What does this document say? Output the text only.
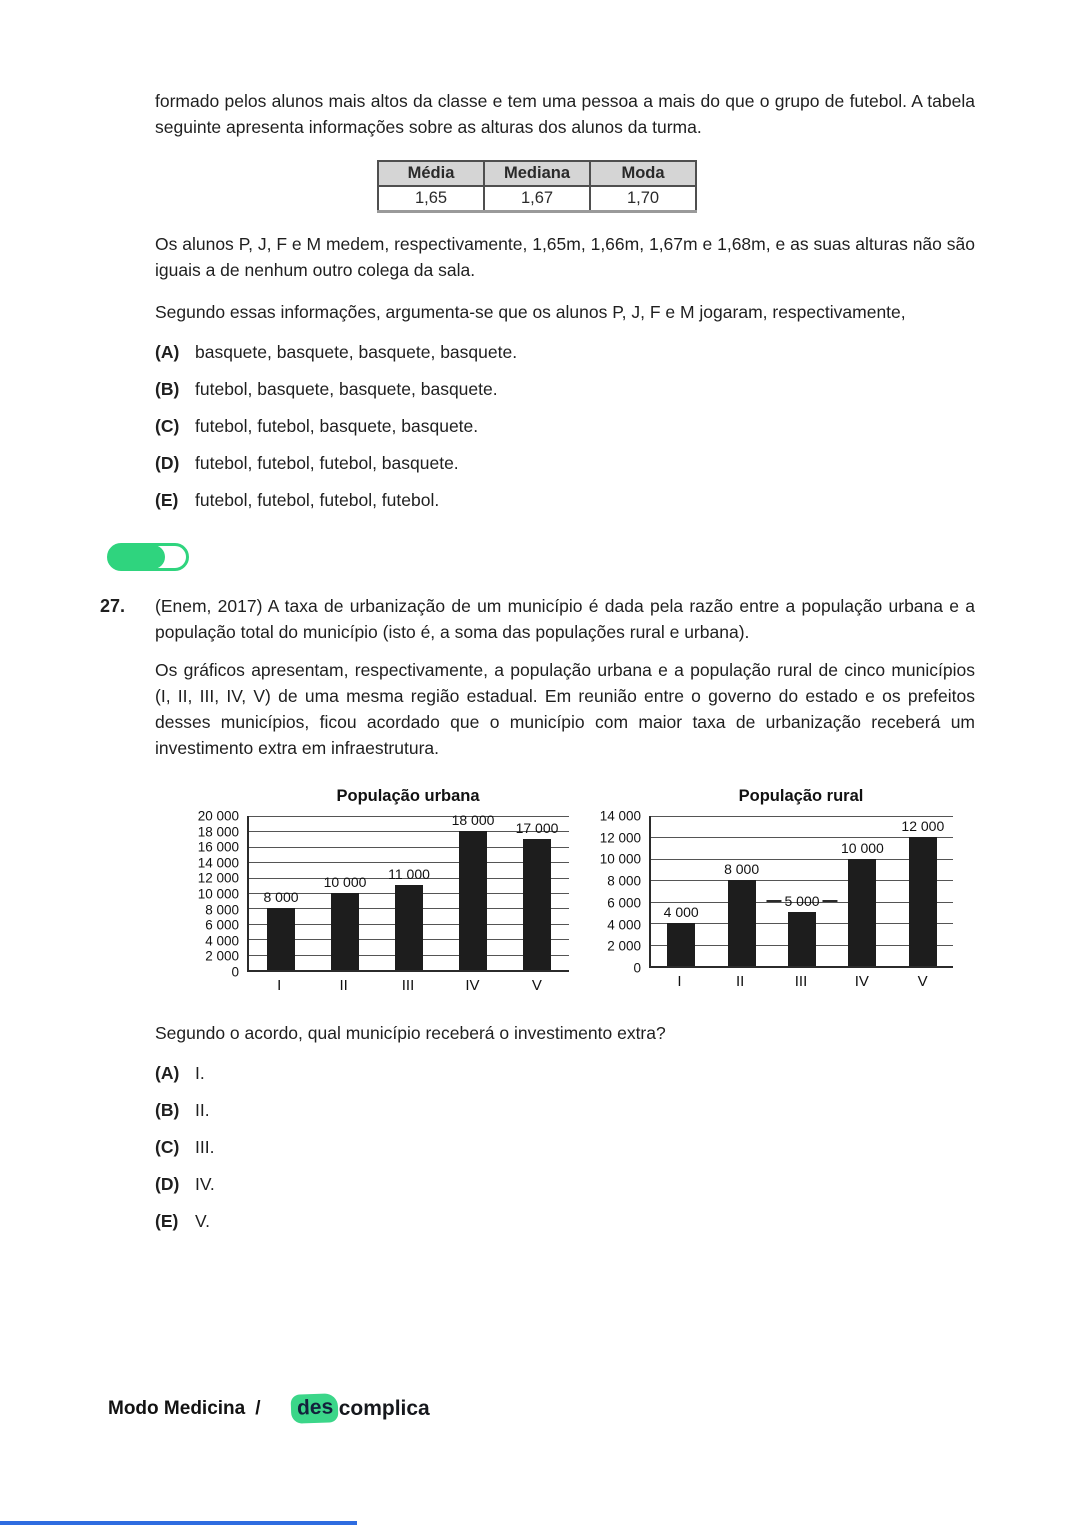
formado pelos alunos mais altos da classe e tem uma pessoa a mais do que o grupo de futebol. A tabela seguinte apresenta informações sobre as alturas dos alunos da turma.

Média	Mediana	Moda
1,65	1,67	1,70

Os alunos P, J, F e M medem, respectivamente, 1,65m, 1,66m, 1,67m e 1,68m, e as suas alturas não são iguais a de nenhum outro colega da sala.

Segundo essas informações, argumenta-se que os alunos P, J, F e M jogaram, respectivamente,

(A) basquete, basquete, basquete, basquete.
(B) futebol, basquete, basquete, basquete.
(C) futebol, futebol, basquete, basquete.
(D) futebol, futebol, futebol, basquete.
(E) futebol, futebol, futebol, futebol.
27.	(Enem, 2017) A taxa de urbanização de um município é dada pela razão entre a população urbana e a população total do município (isto é, a soma das populações rural e urbana).

Os gráficos apresentam, respectivamente, a população urbana e a população rural de cinco municípios (I, II, III, IV, V) de uma mesma região estadual. Em reunião entre o governo do estado e os prefeitos desses municípios, ficou acordado que o município com maior taxa de urbanização receberá um investimento extra em infraestrutura.

População urbana
0
2 000
4 000
6 000
8 000
10 000
12 000
14 000
16 000
18 000
20 000
8 000
10 000 11 000
18 000 17 000
I	II	III	IV	V
População rural
0
2 000
4 000
6 000
8 000
10 000
12 000
14 000
4 000
8 000
5 000
10 000
12 000
I	II	III	IV	V

Segundo o acordo, qual município receberá o investimento extra?

(A) I.
(B) II.
(C) III.
(D) IV.
(E) V.
Modo Medicina / des complica
